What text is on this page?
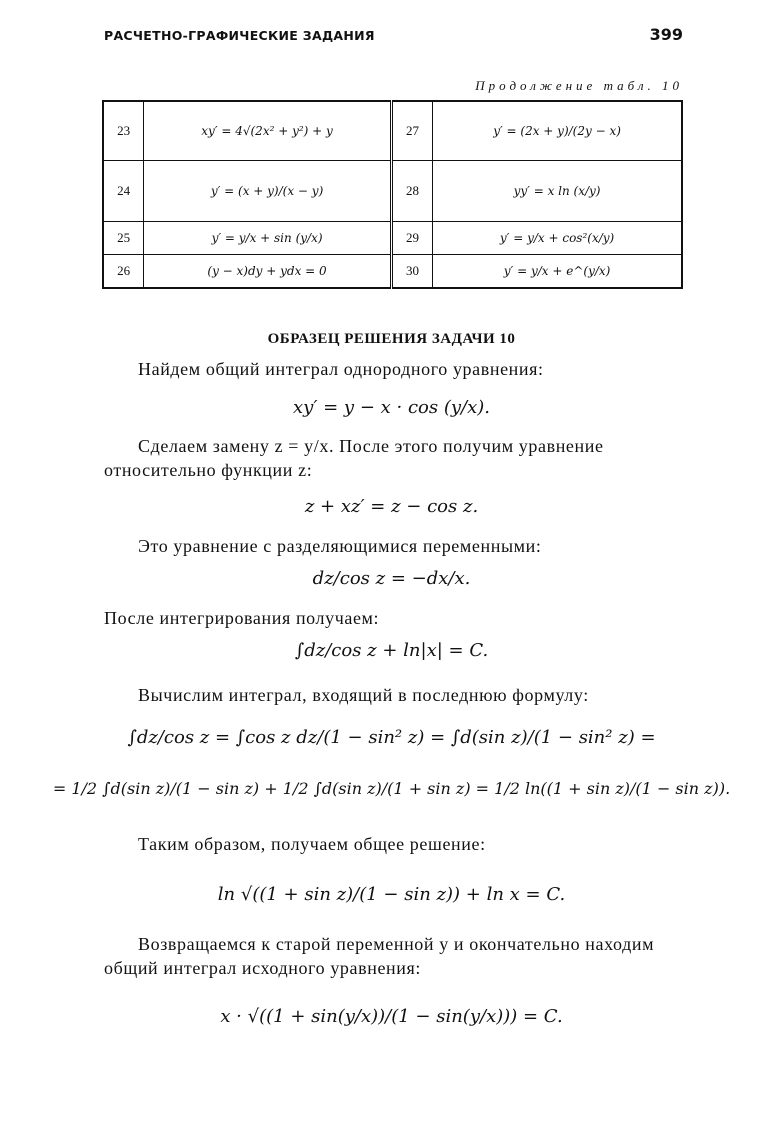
РАСЧЕТНО-ГРАФИЧЕСКИЕ ЗАДАНИЯ	399
Продолжение табл. 10
23	xy′ = 4√(2x² + y²) + y	27	y′ = (2x + y)/(2y − x)
24	y′ = (x + y)/(x − y)	28	yy′ = x ln (x/y)
25	y′ = y/x + sin (y/x)	29	y′ = y/x + cos²(x/y)
26	(y − x)dy + ydx = 0	30	y′ = y/x + e^(y/x)
ОБРАЗЕЦ РЕШЕНИЯ ЗАДАЧИ 10
Найдем общий интеграл однородного уравнения:
xy′ = y − x · cos (y/x).
Сделаем замену z = y/x. После этого получим уравнение относительно функции z:
z + xz′ = z − cos z.
Это уравнение с разделяющимися переменными:
dz/cos z = −dx/x.
После интегрирования получаем:
∫dz/cos z + ln|x| = C.
Вычислим интеграл, входящий в последнюю формулу:
∫dz/cos z = ∫cos z dz/(1 − sin² z) = ∫d(sin z)/(1 − sin² z) =
= 1/2 ∫d(sin z)/(1 − sin z) + 1/2 ∫d(sin z)/(1 + sin z) = 1/2 ln((1 + sin z)/(1 − sin z)).
Таким образом, получаем общее решение:
ln √((1 + sin z)/(1 − sin z)) + ln x = C.
Возвращаемся к старой переменной y и окончательно находим общий интеграл исходного уравнения:
x · √((1 + sin(y/x))/(1 − sin(y/x))) = C.
